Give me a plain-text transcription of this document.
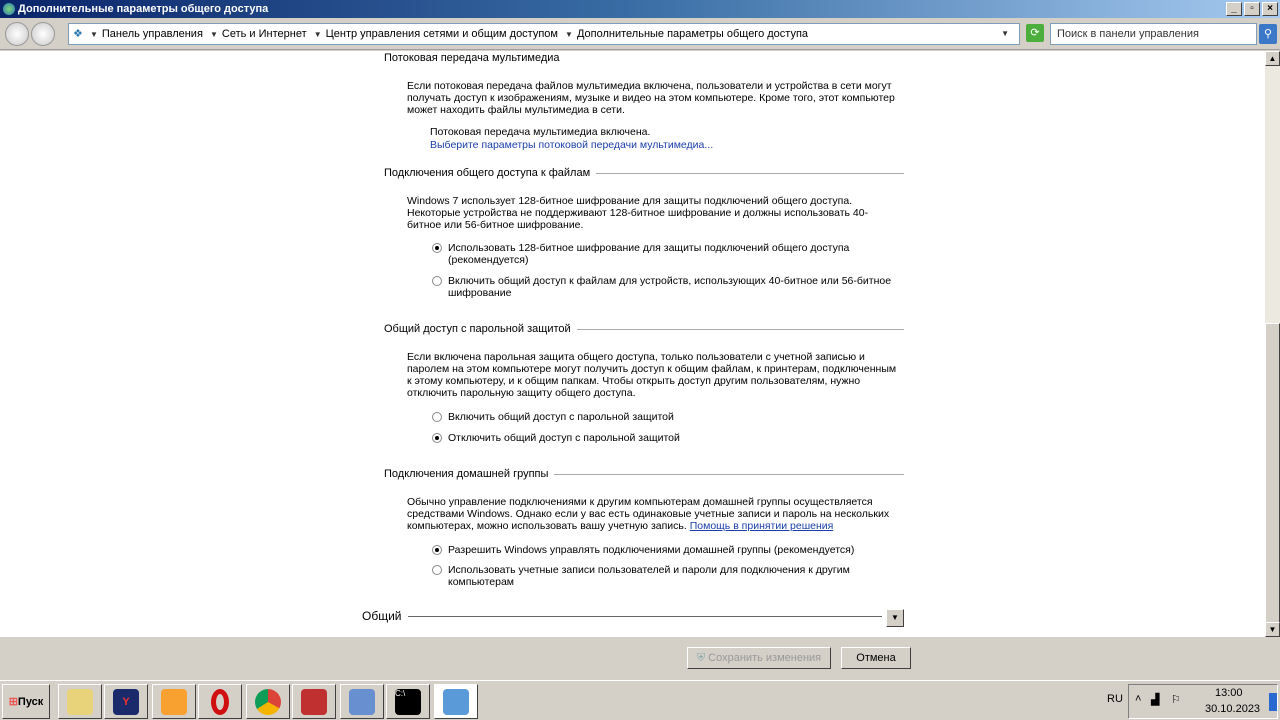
Дополнительные параметры общего доступа	_	▫	×
❖ ▼ Панель управления ▼ Сеть и Интернет ▼ Центр управления сетями и общим доступом ▼ Дополнительные параметры общего доступа	▼	⟳	Поиск в панели управления	⚲
Потоковая передача мультимедиа
Если потоковая передача файлов мультимедиа включена, пользователи и устройства в сети могут получать доступ к изображениям, музыке и видео на этом компьютере. Кроме того, этот компьютер может находить файлы мультимедиа в сети.
Потоковая передача мультимедиа включена.
Выберите параметры потоковой передачи мультимедиа...
Подключения общего доступа к файлам
Windows 7 использует 128-битное шифрование для защиты подключений общего доступа. Некоторые устройства не поддерживают 128-битное шифрование и должны использовать 40-битное или 56-битное шифрование.
Использовать 128-битное шифрование для защиты подключений общего доступа (рекомендуется)
Включить общий доступ к файлам для устройств, использующих 40-битное или 56-битное шифрование
Общий доступ с парольной защитой
Если включена парольная защита общего доступа, только пользователи с учетной записью и паролем на этом компьютере могут получить доступ к общим файлам, к принтерам, подключенным к этому компьютеру, и к общим папкам. Чтобы открыть доступ другим пользователям, нужно отключить парольную защиту общего доступа.
Включить общий доступ с парольной защитой
Отключить общий доступ с парольной защитой
Подключения домашней группы
Обычно управление подключениями к другим компьютерам домашней группы осуществляется средствами Windows. Однако если у вас есть одинаковые учетные записи и пароль на нескольких компьютерах, можно использовать вашу учетную запись. Помощь в принятии решения
Разрешить Windows управлять подключениями домашней группы (рекомендуется)
Использовать учетные записи пользователей и пароли для подключения к другим компьютерам
Общий	▼
▲
▼
⛨ Сохранить изменения	Отмена
⊞ Пуск	Y
C:\	RU ˄ ▟ ⚐
13:00
30.10.2023
